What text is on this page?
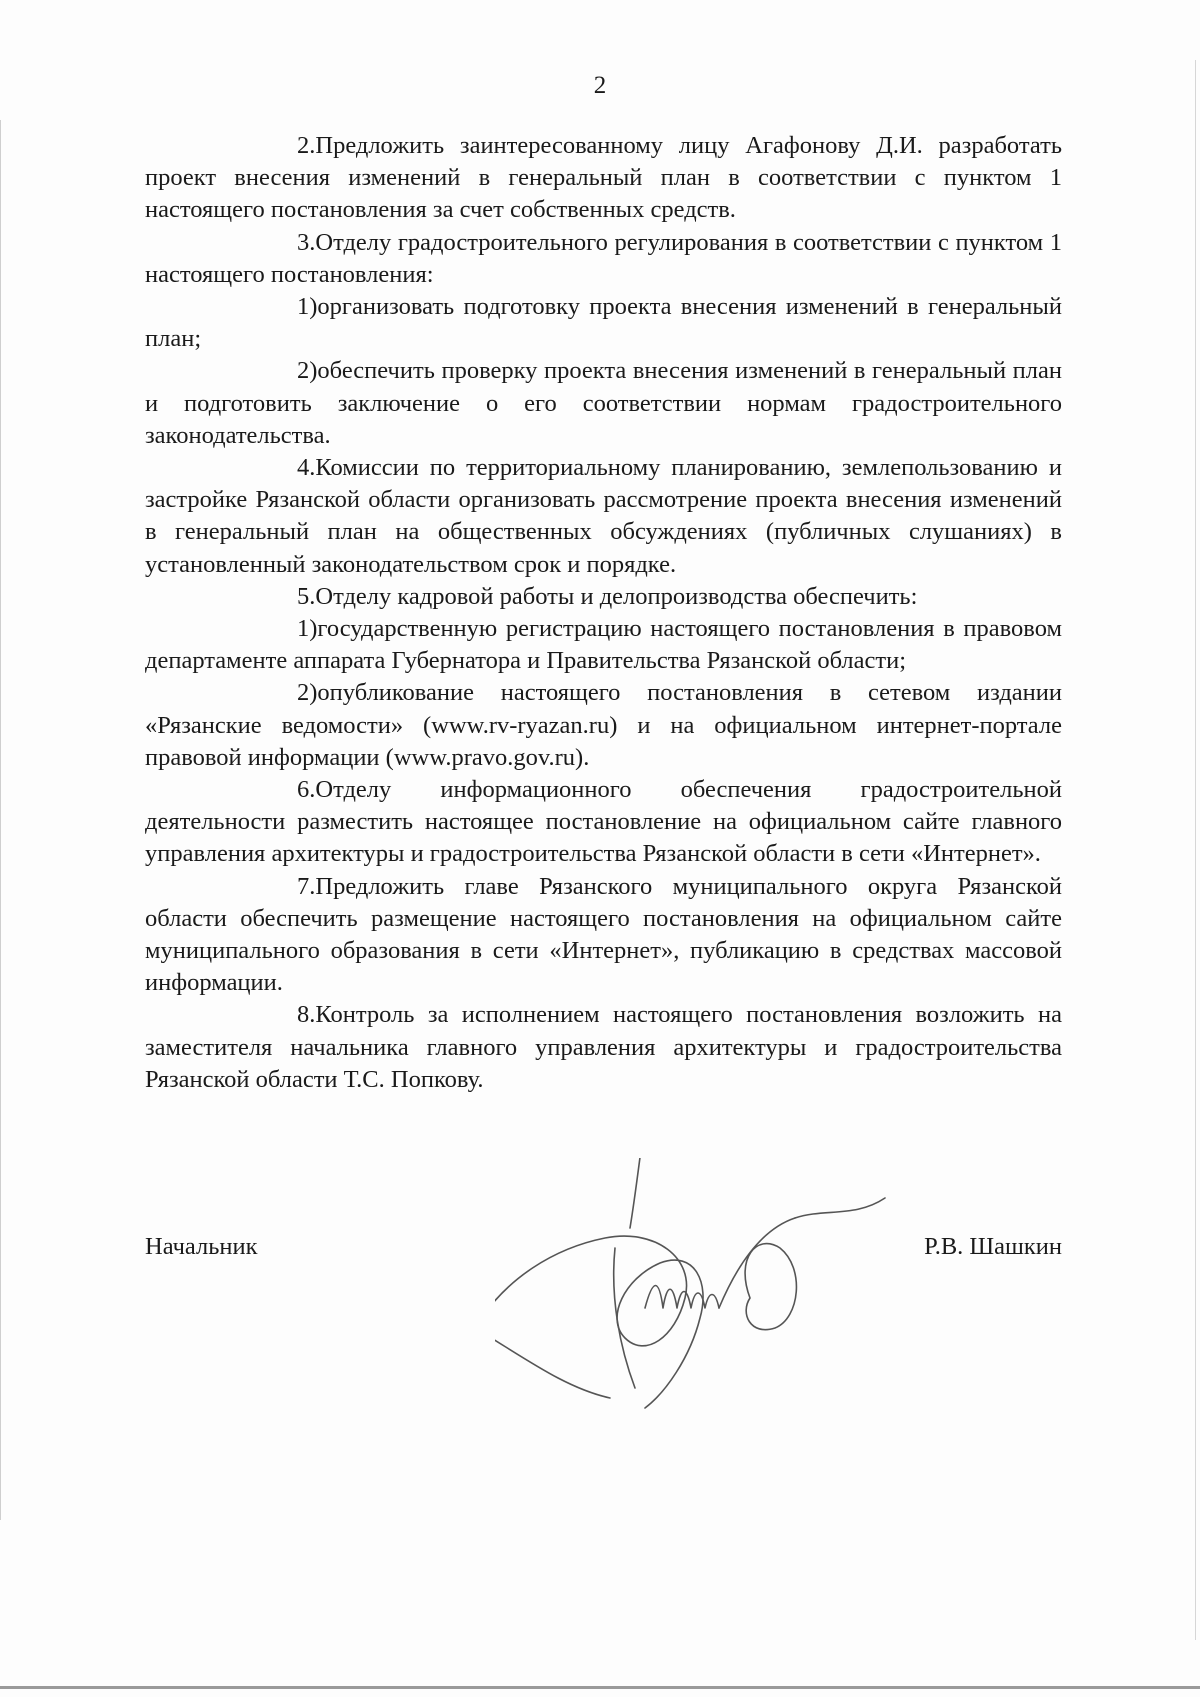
2

2.Предложить заинтересованному лицу Агафонову Д.И. разработать проект внесения изменений в генеральный план в соответствии с пунктом 1 настоящего постановления за счет собственных средств.

3.Отделу градостроительного регулирования в соответствии с пунктом 1 настоящего постановления:

1)организовать подготовку проекта внесения изменений в генеральный план;

2)обеспечить проверку проекта внесения изменений в генеральный план и подготовить заключение о его соответствии нормам градостроительного законодательства.

4.Комиссии по территориальному планированию, землепользованию и застройке Рязанской области организовать рассмотрение проекта внесения изменений в генеральный план на общественных обсуждениях (публичных слушаниях) в установленный законодательством срок и порядке.

5.Отделу кадровой работы и делопроизводства обеспечить:

1)государственную регистрацию настоящего постановления в правовом департаменте аппарата Губернатора и Правительства Рязанской области;

2)опубликование настоящего постановления в сетевом издании «Рязанские ведомости» (www.rv-ryazan.ru) и на официальном интернет-портале правовой информации (www.pravo.gov.ru).

6.Отделу информационного обеспечения градостроительной деятельности разместить настоящее постановление на официальном сайте главного управления архитектуры и градостроительства Рязанской области в сети «Интернет».

7.Предложить главе Рязанского муниципального округа Рязанской области обеспечить размещение настоящего постановления на официальном сайте муниципального образования в сети «Интернет», публикацию в средствах массовой информации.

8.Контроль за исполнением настоящего постановления возложить на заместителя начальника главного управления архитектуры и градостроительства Рязанской области Т.С. Попкову.

Начальник	Р.В. Шашкин
